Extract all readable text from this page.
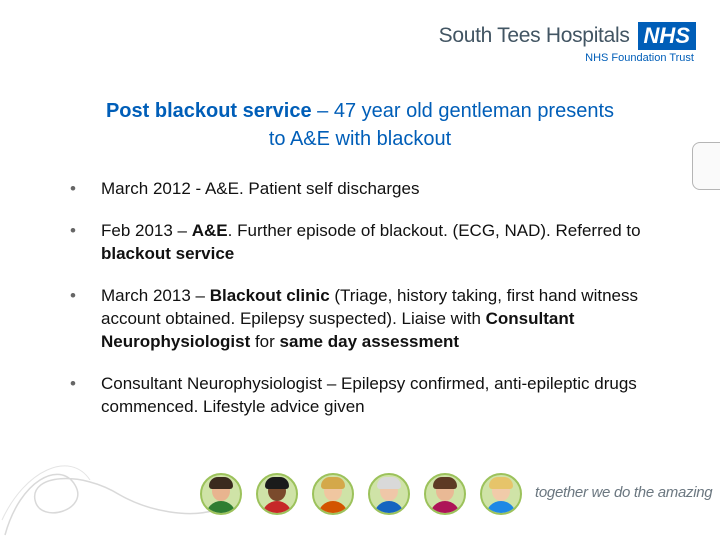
South Tees Hospitals NHS
NHS Foundation Trust
Post blackout service – 47 year old gentleman presents
to A&E with blackout
• March 2012 - A&E. Patient self discharges
• Feb 2013 – A&E. Further episode of blackout. (ECG, NAD). Referred to blackout service
• March 2013 – Blackout clinic (Triage, history taking, first hand witness account obtained. Epilepsy suspected). Liaise with Consultant Neurophysiologist for same day assessment
• Consultant Neurophysiologist – Epilepsy confirmed, anti-epileptic drugs commenced. Lifestyle advice given
together we do the amazing
